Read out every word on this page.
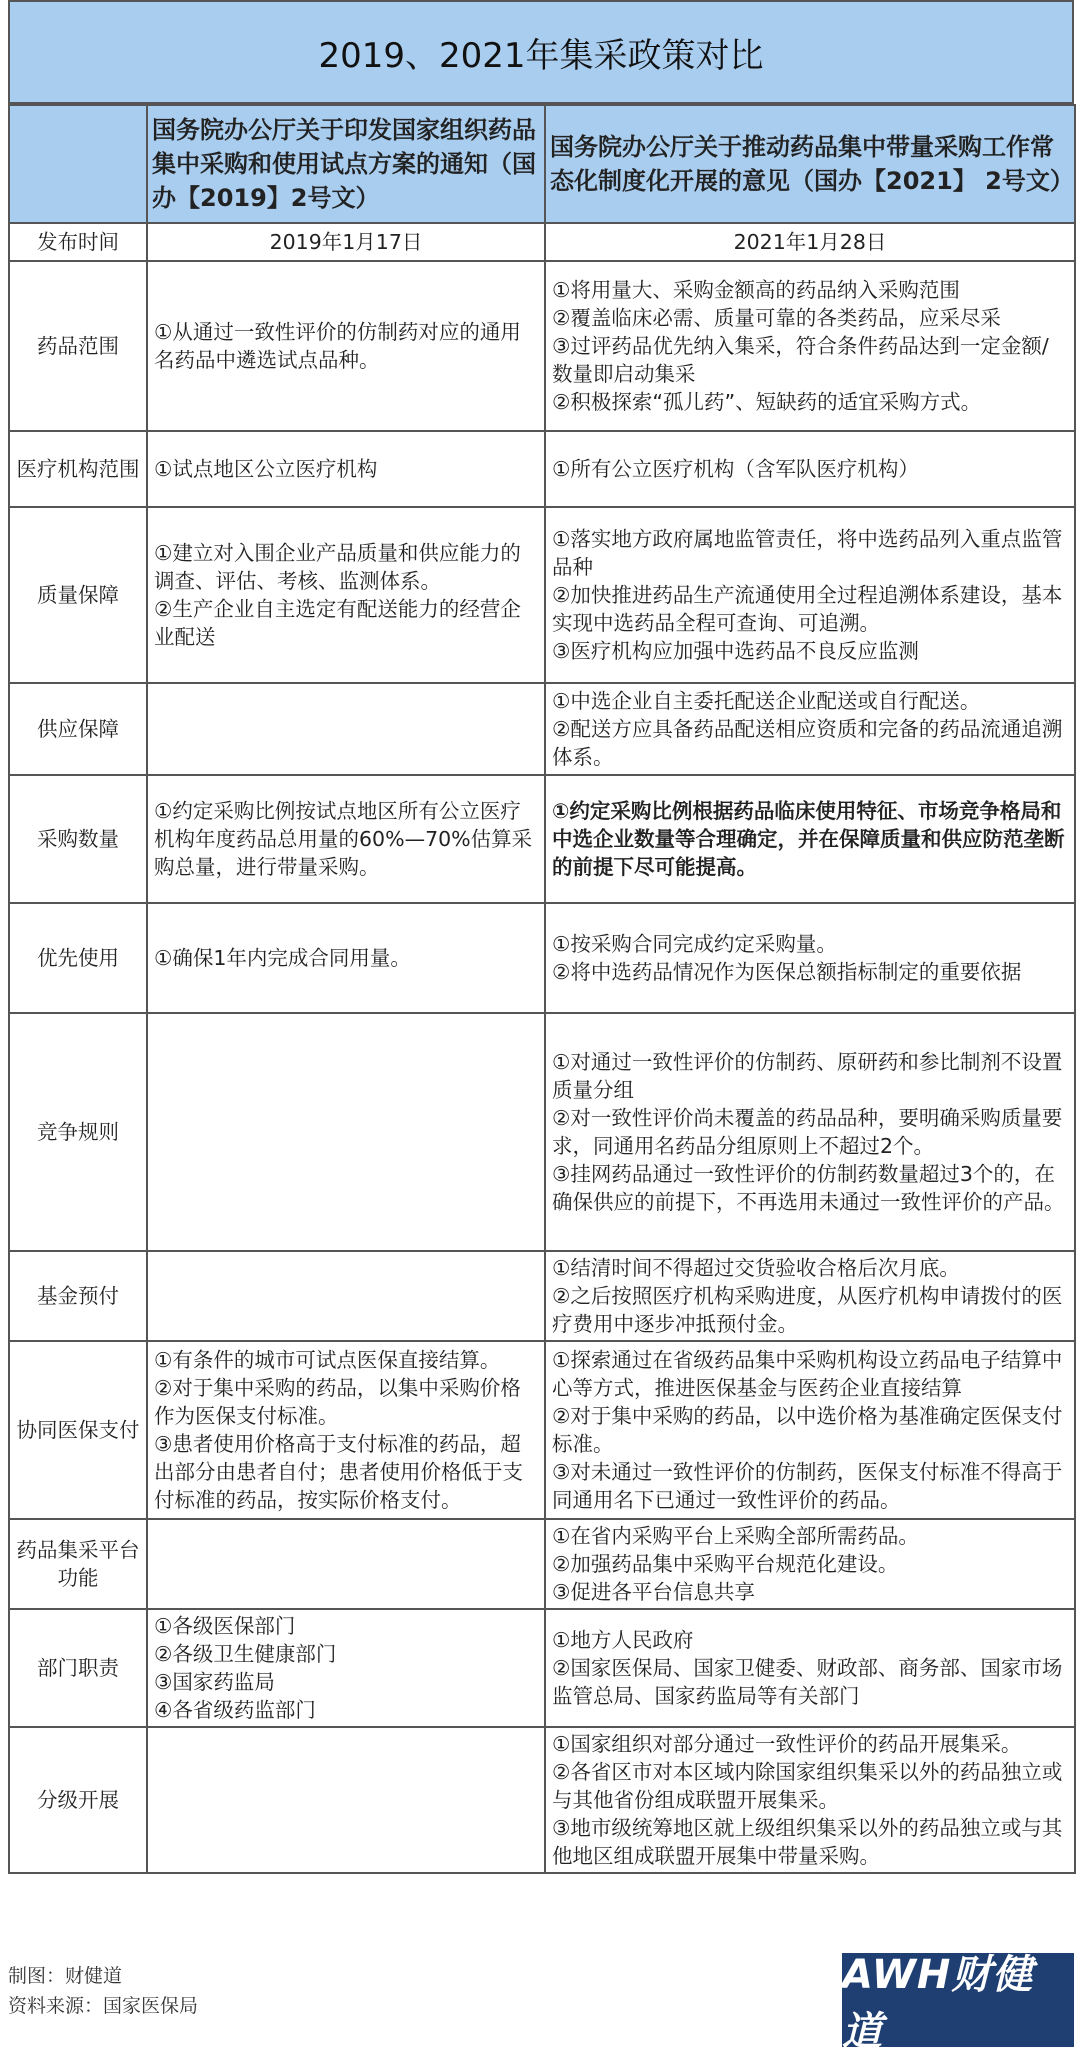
2019、2021年集采政策对比
	国务院办公厅关于印发国家组织药品集中采购和使用试点方案的通知（国办【2019】2号文）	国务院办公厅关于推动药品集中带量采购工作常态化制度化开展的意见（国办【2021】 2号文）
发布时间	2019年1月17日	2021年1月28日
药品范围	①从通过一致性评价的仿制药对应的通用名药品中遴选试点品种。	①将用量大、采购金额高的药品纳入采购范围
②覆盖临床必需、质量可靠的各类药品，应采尽采
③过评药品优先纳入集采，符合条件药品达到一定金额/数量即启动集采
②积极探索“孤儿药”、短缺药的适宜采购方式。

医疗机构范围	①试点地区公立医疗机构	①所有公立医疗机构（含军队医疗机构）

质量保障	①建立对入围企业产品质量和供应能力的调查、评估、考核、监测体系。
②生产企业自主选定有配送能力的经营企业配送	①落实地方政府属地监管责任，将中选药品列入重点监管品种
②加快推进药品生产流通使用全过程追溯体系建设，基本实现中选药品全程可查询、可追溯。
③医疗机构应加强中选药品不良反应监测

供应保障		①中选企业自主委托配送企业配送或自行配送。
②配送方应具备药品配送相应资质和完备的药品流通追溯体系。

采购数量	①约定采购比例按试点地区所有公立医疗机构年度药品总用量的60%—70%估算采购总量，进行带量采购。	①约定采购比例根据药品临床使用特征、市场竞争格局和中选企业数量等合理确定，并在保障质量和供应防范垄断的前提下尽可能提高。

优先使用	①确保1年内完成合同用量。	①按采购合同完成约定采购量。
②将中选药品情况作为医保总额指标制定的重要依据

竞争规则		①对通过一致性评价的仿制药、原研药和参比制剂不设置质量分组
②对一致性评价尚未覆盖的药品品种，要明确采购质量要求，同通用名药品分组原则上不超过2个。
③挂网药品通过一致性评价的仿制药数量超过3个的，在确保供应的前提下，不再选用未通过一致性评价的产品。

基金预付		①结清时间不得超过交货验收合格后次月底。
②之后按照医疗机构采购进度，从医疗机构申请拨付的医疗费用中逐步冲抵预付金。

协同医保支付	①有条件的城市可试点医保直接结算。
②对于集中采购的药品，以集中采购价格作为医保支付标准。
③患者使用价格高于支付标准的药品，超出部分由患者自付；患者使用价格低于支付标准的药品，按实际价格支付。	①探索通过在省级药品集中采购机构设立药品电子结算中心等方式，推进医保基金与医药企业直接结算
②对于集中采购的药品，以中选价格为基准确定医保支付标准。
③对未通过一致性评价的仿制药，医保支付标准不得高于同通用名下已通过一致性评价的药品。

药品集采平台功能		①在省内采购平台上采购全部所需药品。
②加强药品集中采购平台规范化建设。
③促进各平台信息共享

部门职责	①各级医保部门
②各级卫生健康部门
③国家药监局
④各省级药监部门	①地方人民政府
②国家医保局、国家卫健委、财政部、商务部、国家市场监管总局、国家药监局等有关部门

分级开展		①国家组织对部分通过一致性评价的药品开展集采。
②各省区市对本区域内除国家组织集采以外的药品独立或与其他省份组成联盟开展集采。
③地市级统筹地区就上级组织集采以外的药品独立或与其他地区组成联盟开展集中带量采购。
制图：财健道
资料来源：国家医保局
AWH财健道
